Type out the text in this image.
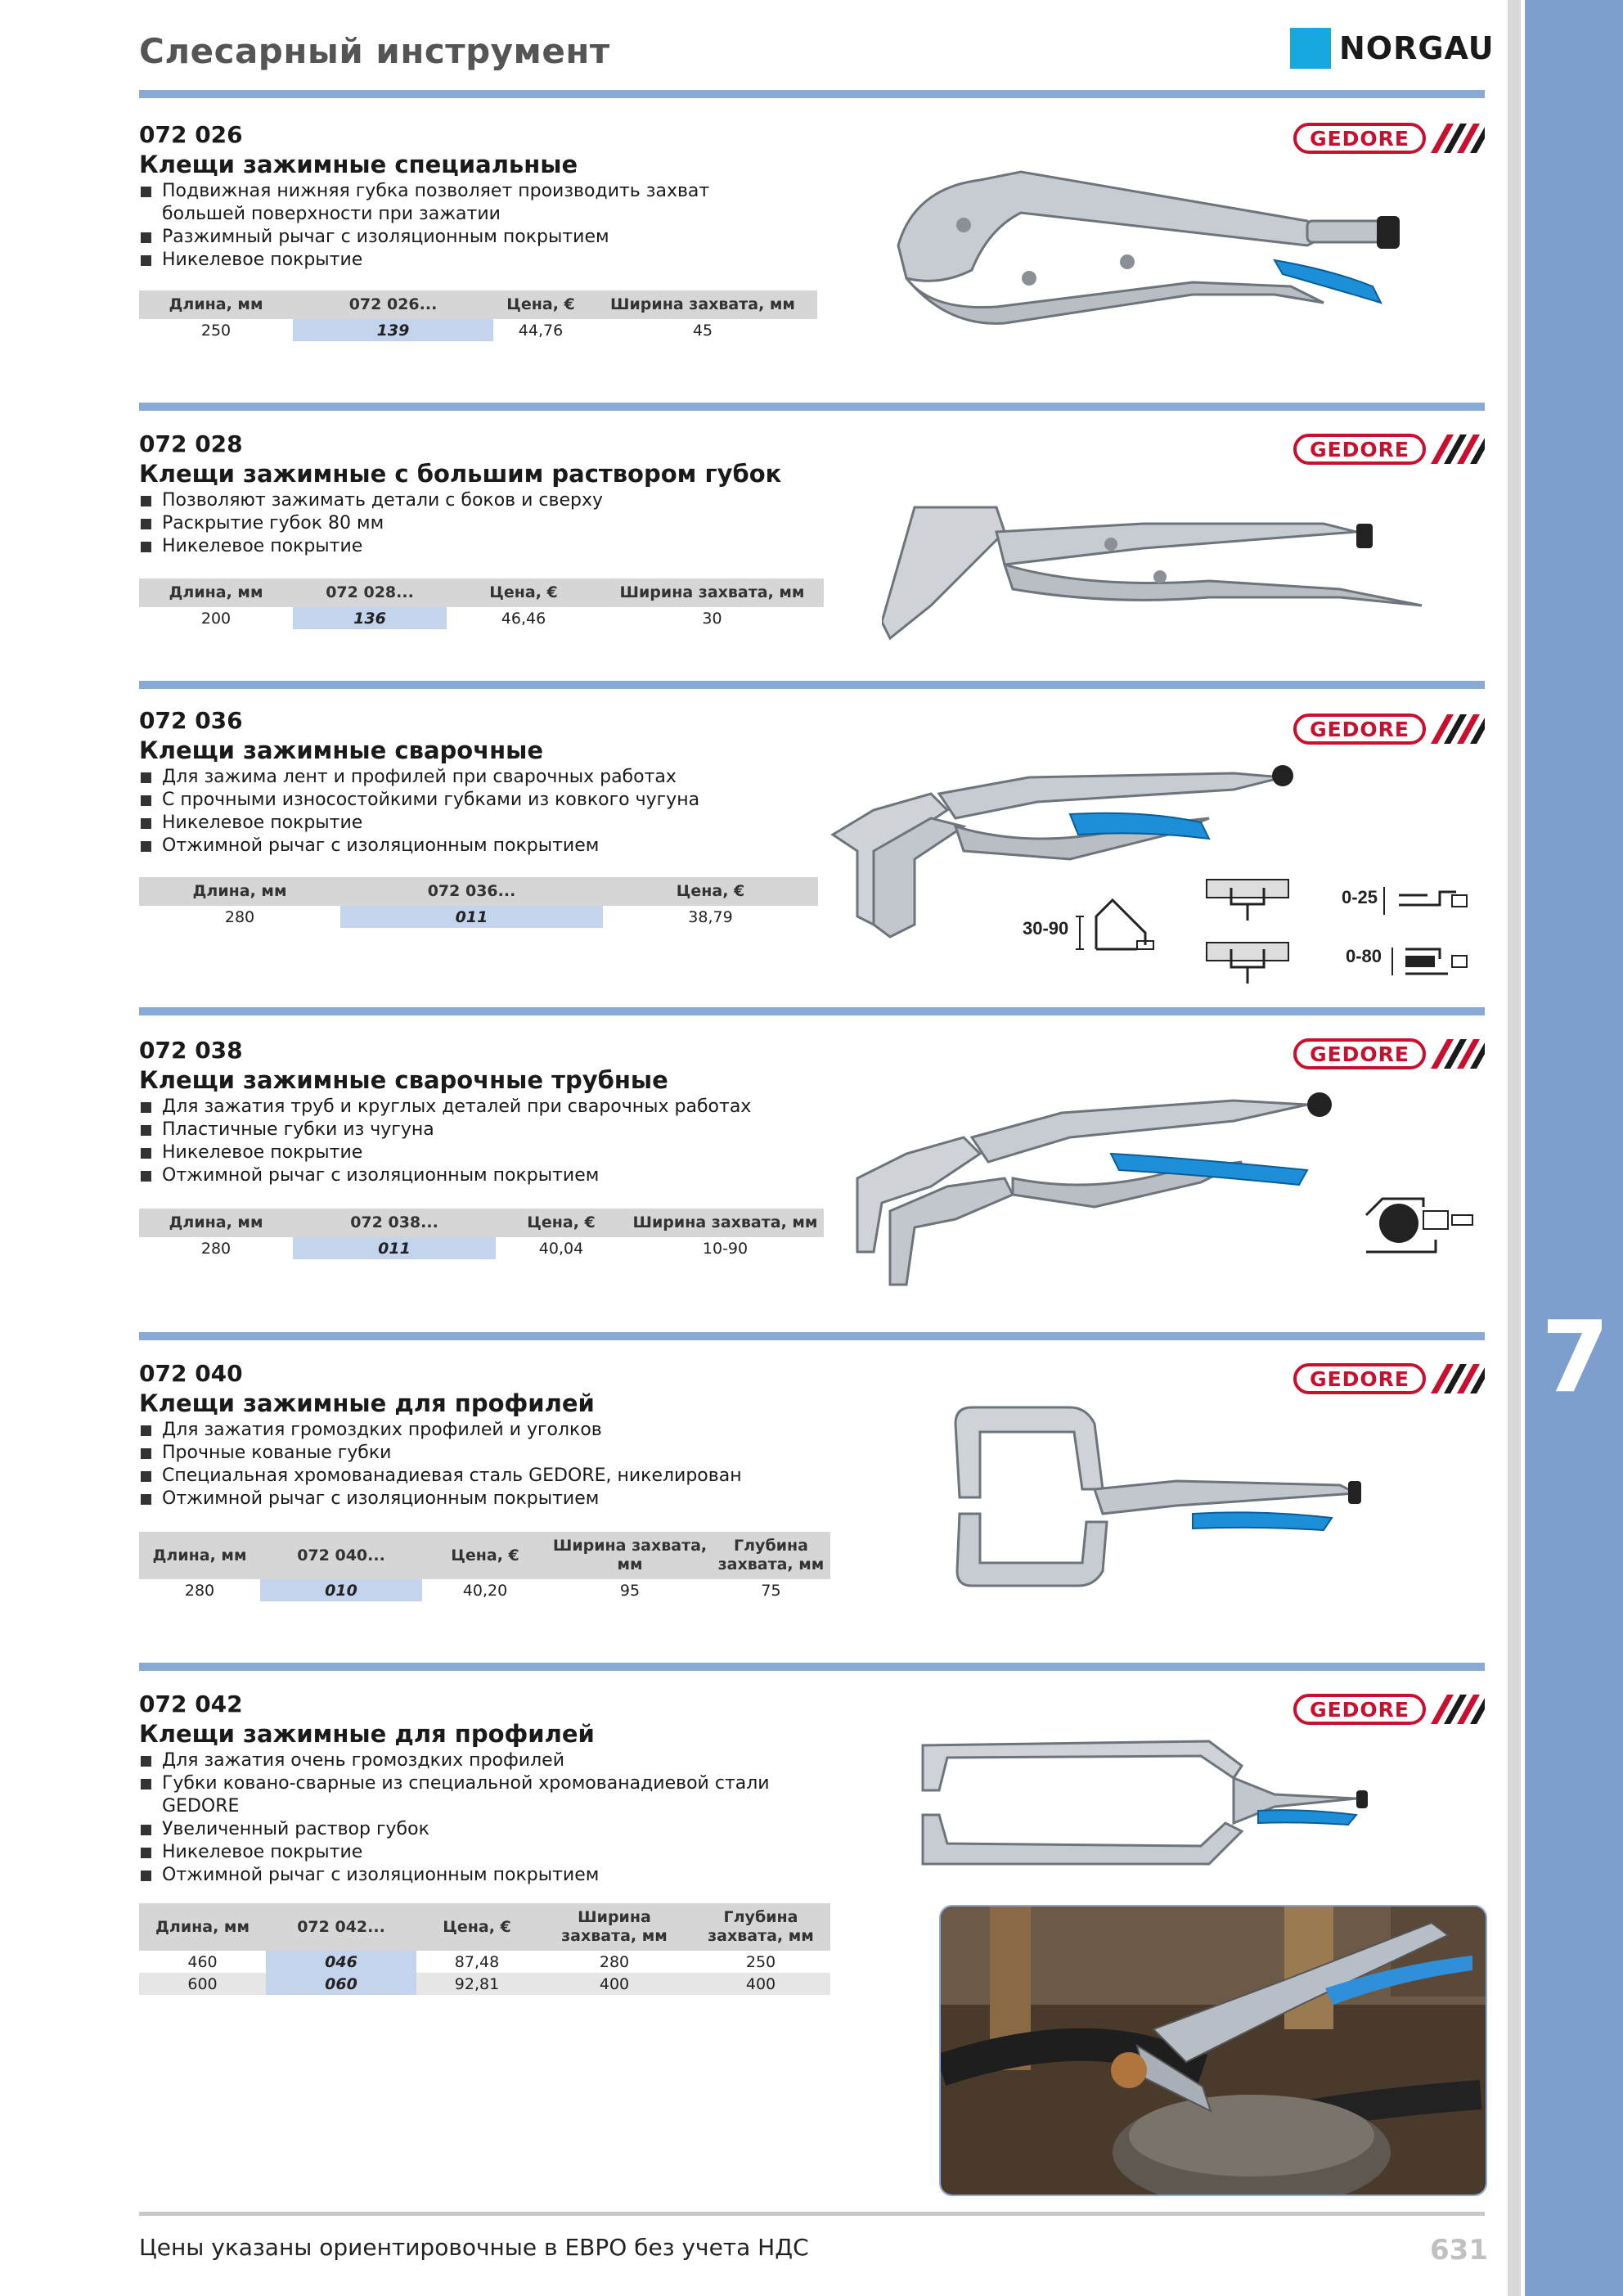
7
Слесарный инструмент	NORGAU
072 026
Клещи зажимные специальные
Подвижная нижняя губка позволяет производить захват большей поверхности при зажатии
Разжимный рычаг с изоляционным покрытием
Никелевое покрытие
GEDORE
Длина, мм	072 026...	Цена, €	Ширина захвата, мм
250	139	44,76	45
072 028
Клещи зажимные с большим раствором губок
Позволяют зажимать детали с боков и сверху
Раскрытие губок 80 мм
Никелевое покрытие
GEDORE
Длина, мм	072 028...	Цена, €	Ширина захвата, мм
200	136	46,46	30
072 036
Клещи зажимные сварочные
Для зажима лент и профилей при сварочных работах
С прочными износостойкими губками из ковкого чугуна
Никелевое покрытие
Отжимной рычаг с изоляционным покрытием
GEDORE
Длина, мм	072 036...	Цена, €
280	011	38,79
072 038
Клещи зажимные сварочные трубные
Для зажатия труб и круглых деталей при сварочных работах
Пластичные губки из чугуна
Никелевое покрытие
Отжимной рычаг с изоляционным покрытием
GEDORE
Длина, мм	072 038...	Цена, €	Ширина захвата, мм
280	011	40,04	10-90
072 040
Клещи зажимные для профилей
Для зажатия громоздких профилей и уголков
Прочные кованые губки
Специальная хромованадиевая сталь GEDORE, никелирован
Отжимной рычаг с изоляционным покрытием
GEDORE
Длина, мм	072 040...	Цена, €	Ширина захвата, мм	Глубина захвата, мм
280	010	40,20	95	75
072 042
Клещи зажимные для профилей
Для зажатия очень громоздких профилей
Губки ковано-сварные из специальной хромованадиевой стали GEDORE
Увеличенный раствор губок
Никелевое покрытие
Отжимной рычаг с изоляционным покрытием
GEDORE
Длина, мм	072 042...	Цена, €	Ширина захвата, мм	Глубина захвата, мм
460	046	87,48	280	250
600	060	92,81	400	400
30-90
0-25
0-80
Цены указаны ориентировочные в ЕВРО без учета НДС	631
